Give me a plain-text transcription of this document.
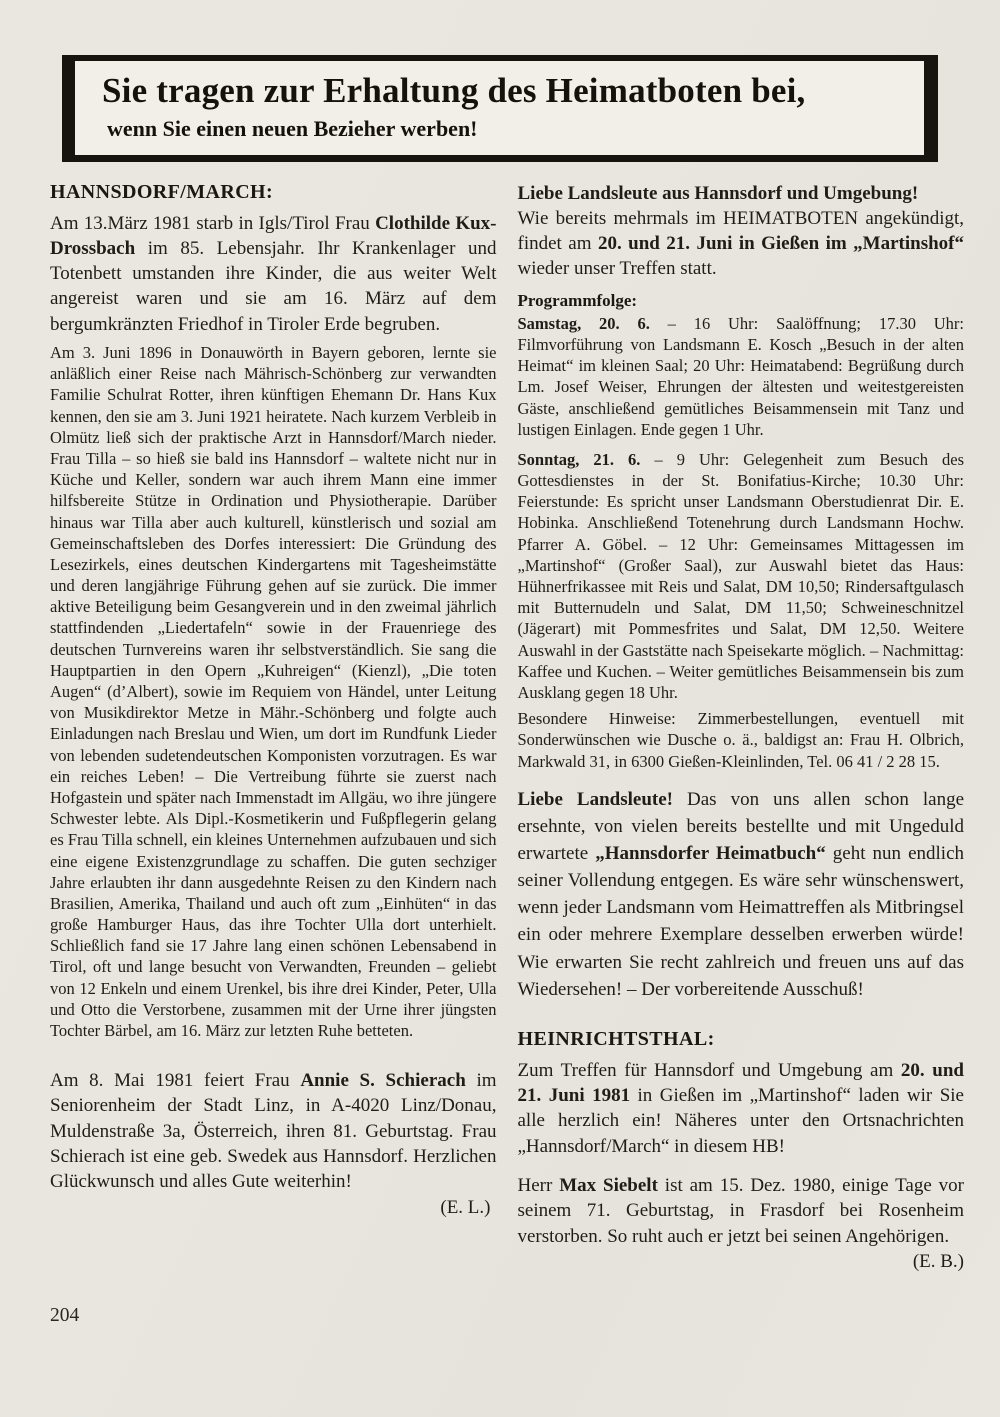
Sie tragen zur Erhaltung des Heimatboten bei,
wenn Sie einen neuen Bezieher werben!
HANNSDORF/MARCH:

Am 13.März 1981 starb in Igls/Tirol Frau Clothilde Kux-Drossbach im 85. Lebensjahr. Ihr Krankenlager und Totenbett umstanden ihre Kinder, die aus weiter Welt angereist waren und sie am 16. März auf dem bergumkränzten Friedhof in Tiroler Erde begruben.

Am 3. Juni 1896 in Donauwörth in Bayern geboren, lernte sie anläßlich einer Reise nach Mährisch-Schönberg zur verwandten Familie Schulrat Rotter, ihren künftigen Ehemann Dr. Hans Kux kennen, den sie am 3. Juni 1921 heiratete. Nach kurzem Verbleib in Olmütz ließ sich der praktische Arzt in Hannsdorf/March nieder. Frau Tilla – so hieß sie bald ins Hannsdorf – waltete nicht nur in Küche und Keller, sondern war auch ihrem Mann eine immer hilfsbereite Stütze in Ordination und Physiotherapie. Darüber hinaus war Tilla aber auch kulturell, künstlerisch und sozial am Gemeinschaftsleben des Dorfes interessiert: Die Gründung des Lesezirkels, eines deutschen Kindergartens mit Tagesheimstätte und deren langjährige Führung gehen auf sie zurück. Die immer aktive Beteiligung beim Gesangverein und in den zweimal jährlich stattfindenden „Liedertafeln“ sowie in der Frauenriege des deutschen Turnvereins waren ihr selbstverständlich. Sie sang die Hauptpartien in den Opern „Kuhreigen“ (Kienzl), „Die toten Augen“ (d’Albert), sowie im Requiem von Händel, unter Leitung von Musikdirektor Metze in Mähr.-Schönberg und folgte auch Einladungen nach Breslau und Wien, um dort im Rundfunk Lieder von lebenden sudetendeutschen Komponisten vorzutragen. Es war ein reiches Leben! – Die Vertreibung führte sie zuerst nach Hofgastein und später nach Immenstadt im Allgäu, wo ihre jüngere Schwester lebte. Als Dipl.-Kosmetikerin und Fußpflegerin gelang es Frau Tilla schnell, ein kleines Unternehmen aufzubauen und sich eine eigene Existenzgrundlage zu schaffen. Die guten sechziger Jahre erlaubten ihr dann ausgedehnte Reisen zu den Kindern nach Brasilien, Amerika, Thailand und auch oft zum „Einhüten“ in das große Hamburger Haus, das ihre Tochter Ulla dort unterhielt. Schließlich fand sie 17 Jahre lang einen schönen Lebensabend in Tirol, oft und lange besucht von Verwandten, Freunden – geliebt von 12 Enkeln und einem Urenkel, bis ihre drei Kinder, Peter, Ulla und Otto die Verstorbene, zusammen mit der Urne ihrer jüngsten Tochter Bärbel, am 16. März zur letzten Ruhe betteten.

Am 8. Mai 1981 feiert Frau Annie S. Schierach im Seniorenheim der Stadt Linz, in A-4020 Linz/Donau, Muldenstraße 3a, Österreich, ihren 81. Geburtstag. Frau Schierach ist eine geb. Swedek aus Hannsdorf. Herzlichen Glückwunsch und alles Gute weiterhin!

(E. L.)

Liebe Landsleute aus Hannsdorf und Umgebung!

Wie bereits mehrmals im HEIMATBOTEN angekündigt, findet am 20. und 21. Juni in Gießen im „Martinshof“ wieder unser Treffen statt.

Programmfolge:

Samstag, 20. 6. – 16 Uhr: Saalöffnung; 17.30 Uhr: Filmvorführung von Landsmann E. Kosch „Besuch in der alten Heimat“ im kleinen Saal; 20 Uhr: Heimatabend: Begrüßung durch Lm. Josef Weiser, Ehrungen der ältesten und weitestgereisten Gäste, anschließend gemütliches Beisammensein mit Tanz und lustigen Einlagen. Ende gegen 1 Uhr.

Sonntag, 21. 6. – 9 Uhr: Gelegenheit zum Besuch des Gottesdienstes in der St. Bonifatius-Kirche; 10.30 Uhr: Feierstunde: Es spricht unser Landsmann Oberstudienrat Dir. E. Hobinka. Anschließend Totenehrung durch Landsmann Hochw. Pfarrer A. Göbel. – 12 Uhr: Gemeinsames Mittagessen im „Martinshof“ (Großer Saal), zur Auswahl bietet das Haus: Hühnerfrikassee mit Reis und Salat, DM 10,50; Rindersaftgulasch mit Butternudeln und Salat, DM 11,50; Schweineschnitzel (Jägerart) mit Pommesfrites und Salat, DM 12,50. Weitere Auswahl in der Gaststätte nach Speisekarte möglich. – Nachmittag: Kaffee und Kuchen. – Weiter gemütliches Beisammensein bis zum Ausklang gegen 18 Uhr.

Besondere Hinweise: Zimmerbestellungen, eventuell mit Sonderwünschen wie Dusche o. ä., baldigst an: Frau H. Olbrich, Markwald 31, in 6300 Gießen-Kleinlinden, Tel. 06 41 / 2 28 15.

Liebe Landsleute! Das von uns allen schon lange ersehnte, von vielen bereits bestellte und mit Ungeduld erwartete „Hannsdorfer Heimatbuch“ geht nun endlich seiner Vollendung entgegen. Es wäre sehr wünschenswert, wenn jeder Landsmann vom Heimattreffen als Mitbringsel ein oder mehrere Exemplare desselben erwerben würde! Wie erwarten Sie recht zahlreich und freuen uns auf das Wiedersehen! – Der vorbereitende Ausschuß!

HEINRICHTSTHAL:

Zum Treffen für Hannsdorf und Umgebung am 20. und 21. Juni 1981 in Gießen im „Martinshof“ laden wir Sie alle herzlich ein! Näheres unter den Ortsnachrichten „Hannsdorf/March“ in diesem HB!

Herr Max Siebelt ist am 15. Dez. 1980, einige Tage vor seinem 71. Geburtstag, in Frasdorf bei Rosenheim verstorben. So ruht auch er jetzt bei seinen Angehörigen.
(E. B.)

204
